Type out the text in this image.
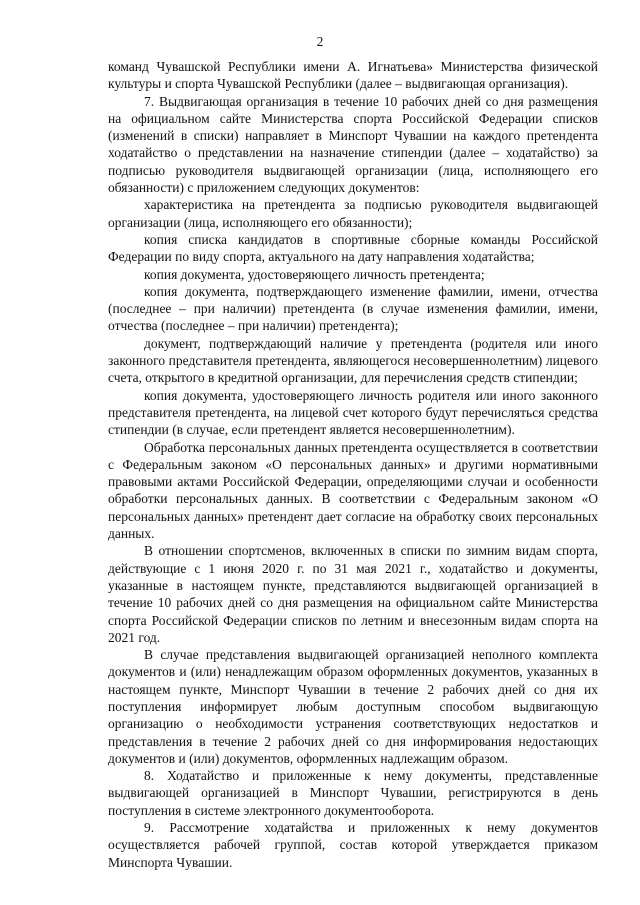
2

команд Чувашской Республики имени А. Игнатьева» Министерства физической культуры и спорта Чувашской Республики (далее – выдвигающая организация).

7. Выдвигающая организация в течение 10 рабочих дней со дня размещения на официальном сайте Министерства спорта Российской Федерации списков (изменений в списки) направляет в Минспорт Чувашии на каждого претендента ходатайство о представлении на назначение стипендии (далее – ходатайство) за подписью руководителя выдвигающей организации (лица, исполняющего его обязанности) с приложением следующих документов:

характеристика на претендента за подписью руководителя выдвигающей организации (лица, исполняющего его обязанности);

копия списка кандидатов в спортивные сборные команды Российской Федерации по виду спорта, актуального на дату направления ходатайства;

копия документа, удостоверяющего личность претендента;

копия документа, подтверждающего изменение фамилии, имени, отчества (последнее – при наличии) претендента (в случае изменения фамилии, имени, отчества (последнее – при наличии) претендента);

документ, подтверждающий наличие у претендента (родителя или иного законного представителя претендента, являющегося несовершеннолетним) лицевого счета, открытого в кредитной организации, для перечисления средств стипендии;

копия документа, удостоверяющего личность родителя или иного законного представителя претендента, на лицевой счет которого будут перечисляться средства стипендии (в случае, если претендент является несовершеннолетним).

Обработка персональных данных претендента осуществляется в соответствии с Федеральным законом «О персональных данных» и другими нормативными правовыми актами Российской Федерации, определяющими случаи и особенности обработки персональных данных. В соответствии с Федеральным законом «О персональных данных» претендент дает согласие на обработку своих персональных данных.

В отношении спортсменов, включенных в списки по зимним видам спорта, действующие с 1 июня 2020 г. по 31 мая 2021 г., ходатайство и документы, указанные в настоящем пункте, представляются выдвигающей организацией в течение 10 рабочих дней со дня размещения на официальном сайте Министерства спорта Российской Федерации списков по летним и внесезонным видам спорта на 2021 год.

В случае представления выдвигающей организацией неполного комплекта документов и (или) ненадлежащим образом оформленных документов, указанных в настоящем пункте, Минспорт Чувашии в течение 2 рабочих дней со дня их поступления информирует любым доступным способом выдвигающую организацию о необходимости устранения соответствующих недостатков и представления в течение 2 рабочих дней со дня информирования недостающих документов и (или) документов, оформленных надлежащим образом.

8. Ходатайство и приложенные к нему документы, представленные выдвигающей организацией в Минспорт Чувашии, регистрируются в день поступления в системе электронного документооборота.

9. Рассмотрение ходатайства и приложенных к нему документов осуществляется рабочей группой, состав которой утверждается приказом Минспорта Чувашии.
